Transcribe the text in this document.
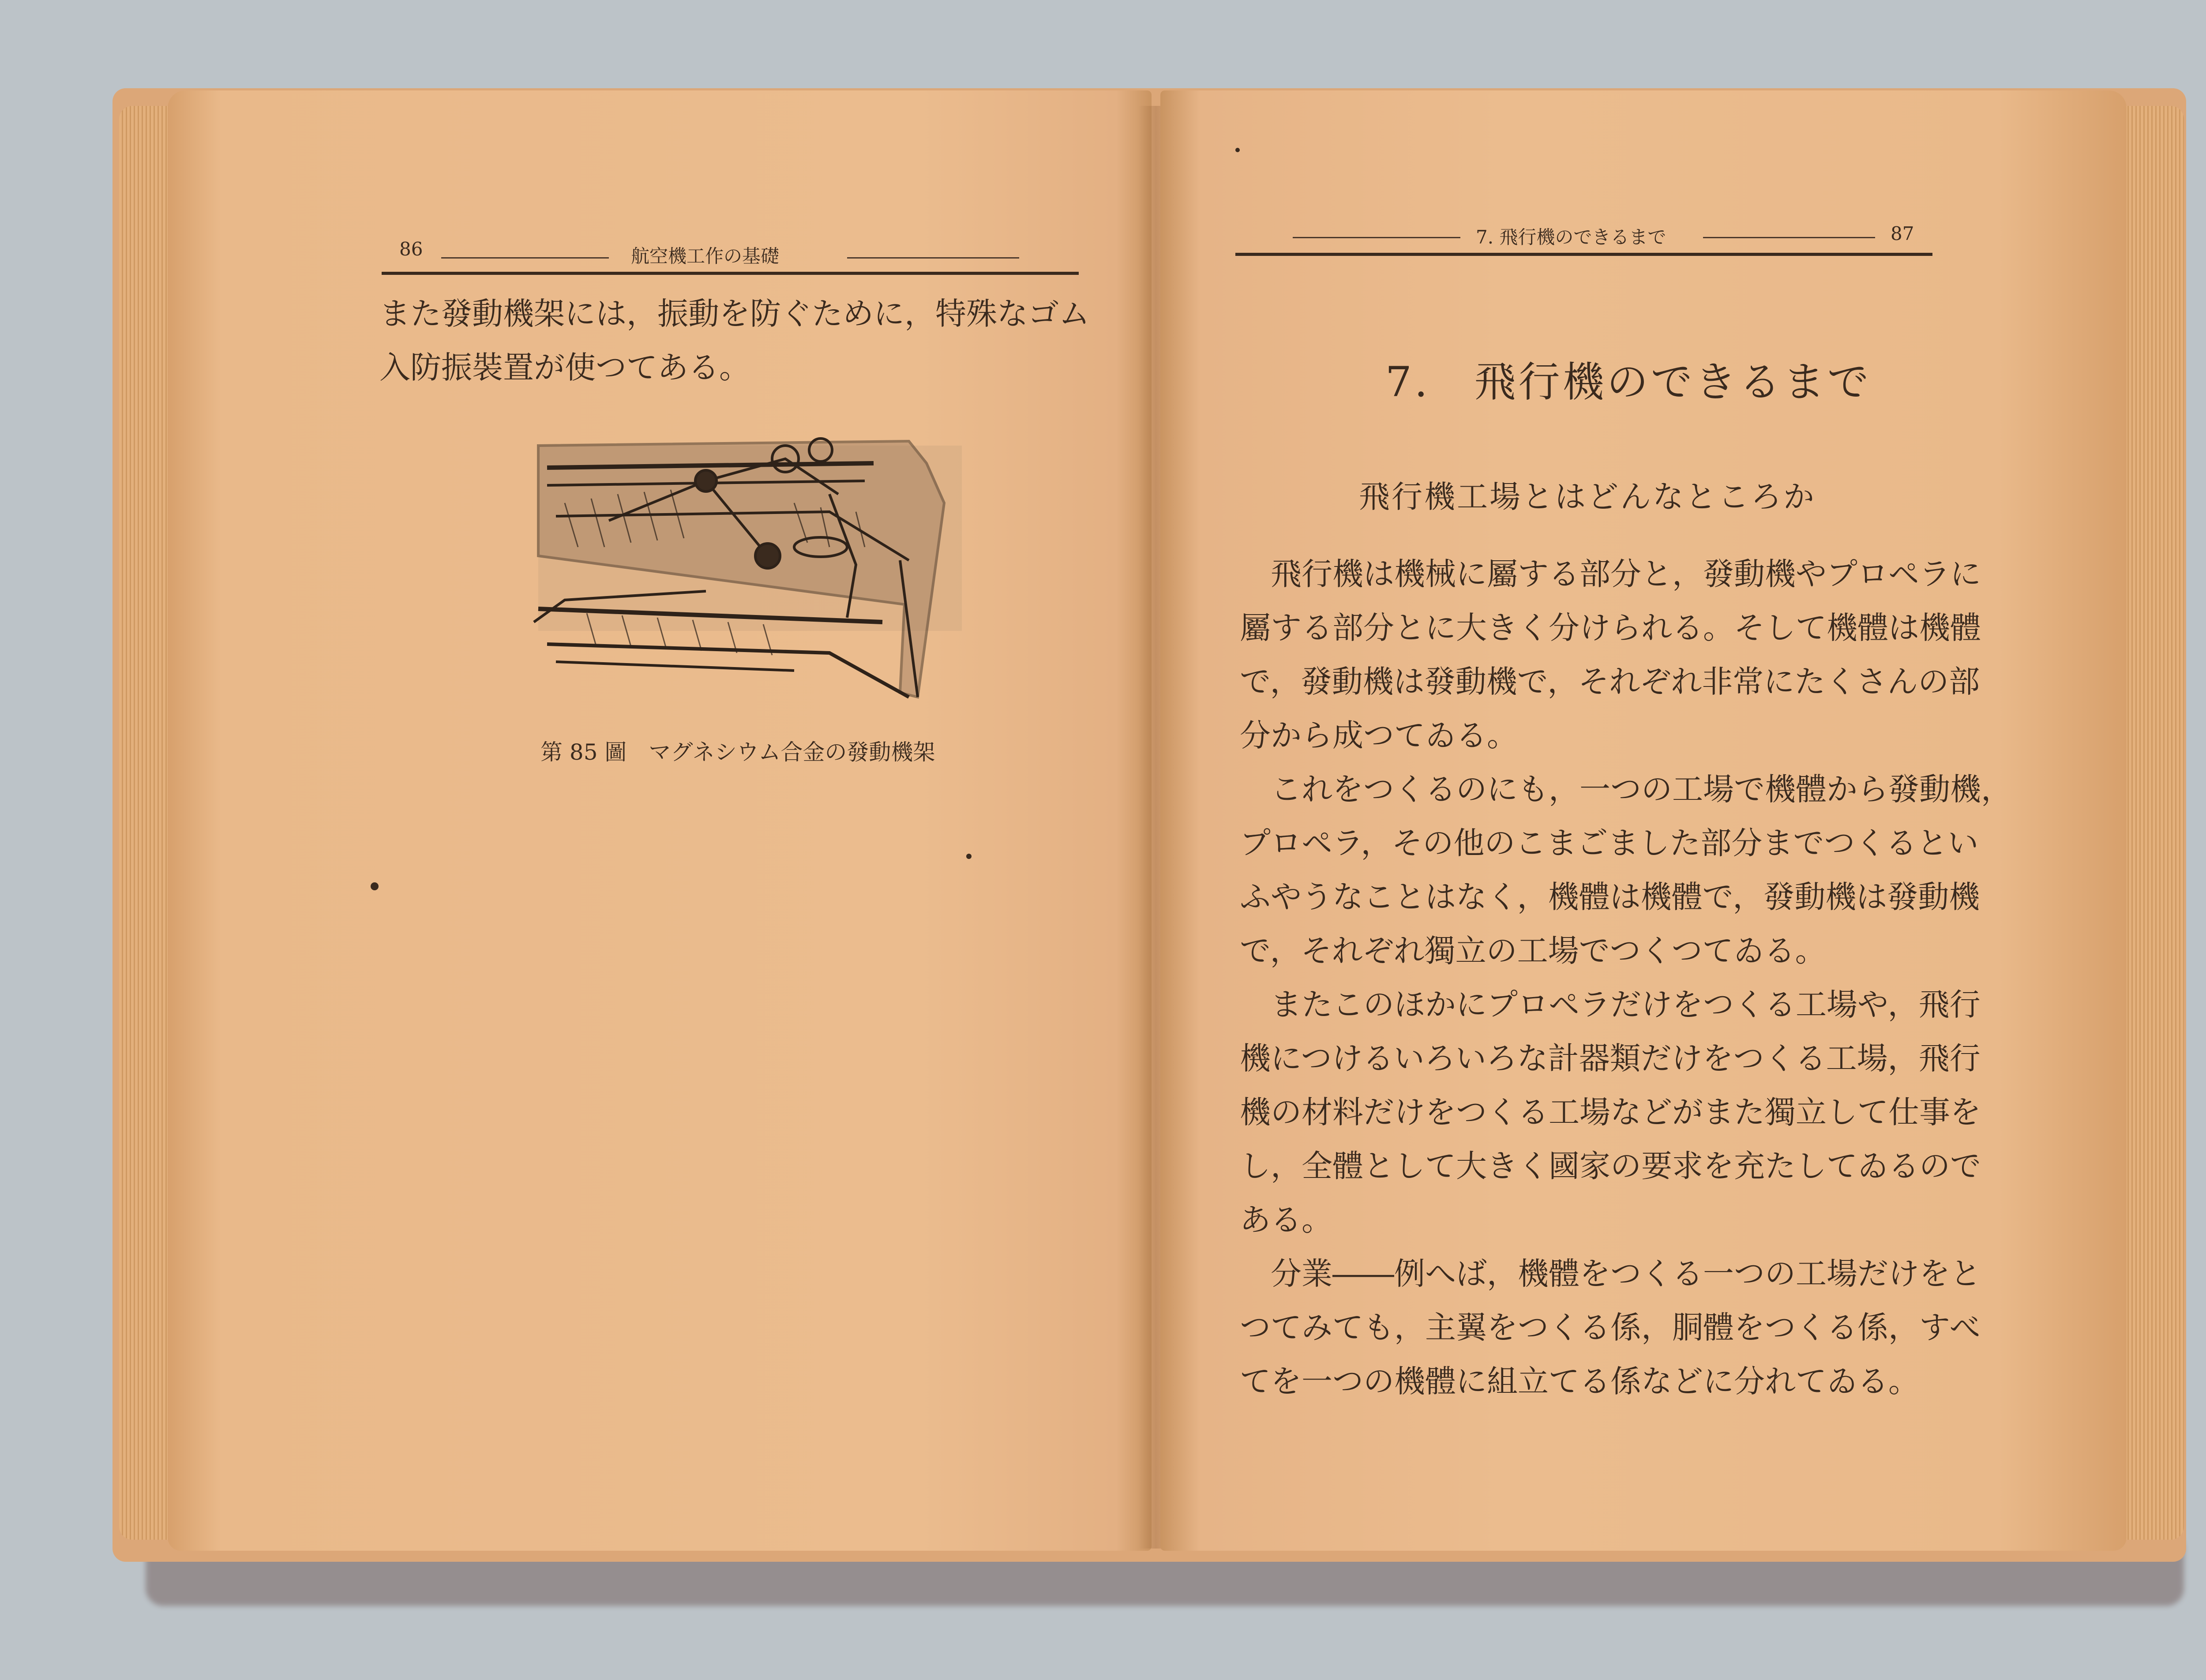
86	航空機工作の基礎

また發動機架には，振動を防ぐために，特殊なゴム

入防振裝置が使つてある。

第 85 圖　マグネシウム合金の發動機架
7. 飛行機のできるまで	87
7.　飛行機のできるまで
飛行機工場とはどんなところか

　飛行機は機械に屬する部分と，發動機やプロペラに

屬する部分とに大きく分けられる。そして機體は機體

で，發動機は發動機で，それぞれ非常にたくさんの部

分から成つてゐる。

　これをつくるのにも，一つの工場で機體から發動機，

プロペラ，その他のこまごました部分までつくるとい

ふやうなことはなく，機體は機體で，發動機は發動機

で，それぞれ獨立の工場でつくつてゐる。

　またこのほかにプロペラだけをつくる工場や，飛行

機につけるいろいろな計器類だけをつくる工場，飛行

機の材料だけをつくる工場などがまた獨立して仕事を

し，全體として大きく國家の要求を充たしてゐるので

ある。

　分業――例へば，機體をつくる一つの工場だけをと

つてみても，主翼をつくる係，胴體をつくる係，すべ

てを一つの機體に組立てる係などに分れてゐる。
